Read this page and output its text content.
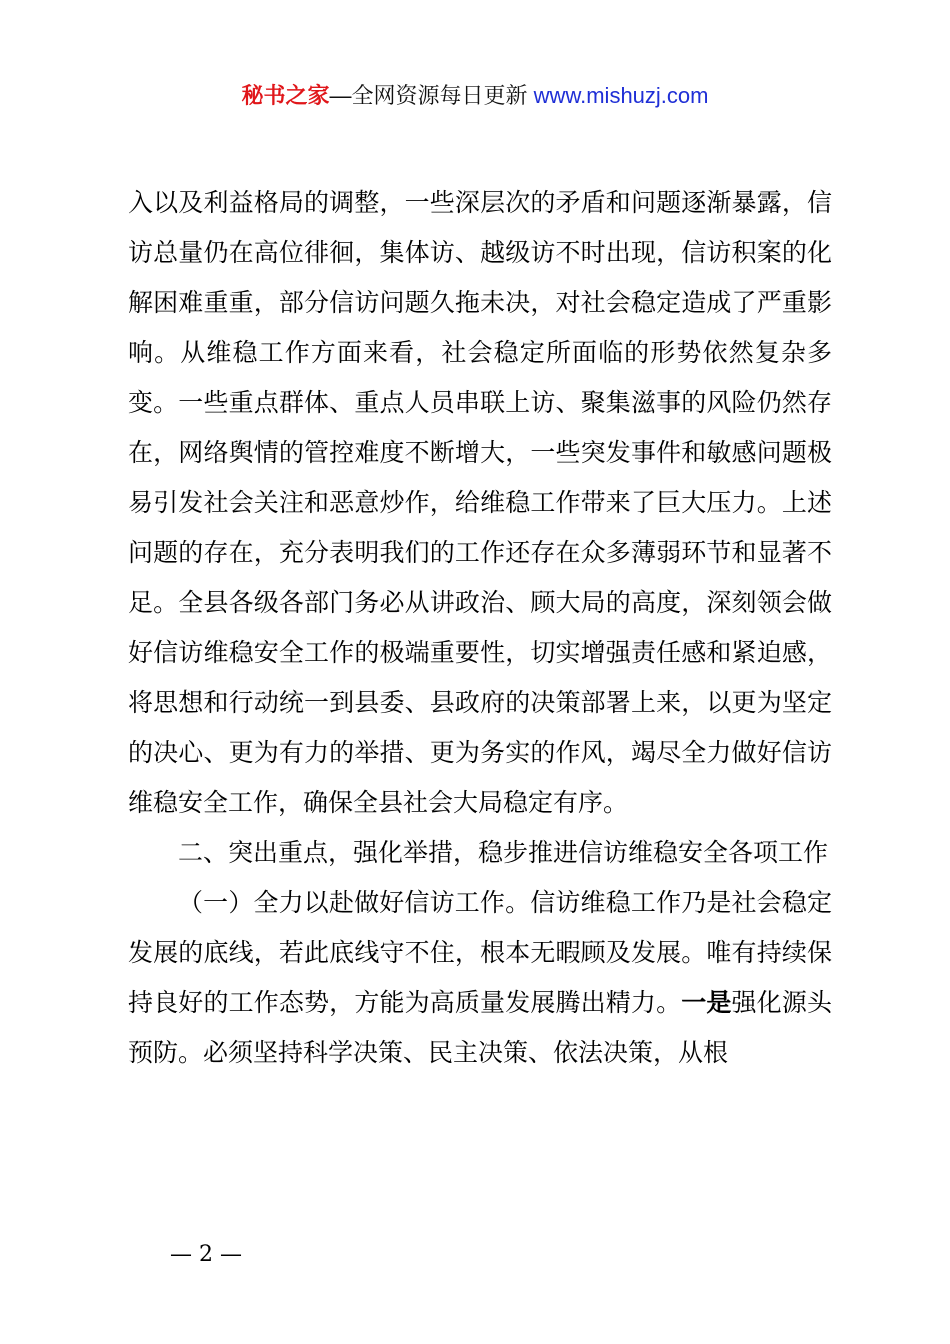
秘书之家—全网资源每日更新 www.mishuzj.com

入以及利益格局的调整，一些深层次的矛盾和问题逐渐暴露，信访总量仍在高位徘徊，集体访、越级访不时出现，信访积案的化解困难重重，部分信访问题久拖未决，对社会稳定造成了严重影响。从维稳工作方面来看，社会稳定所面临的形势依然复杂多变。一些重点群体、重点人员串联上访、聚集滋事的风险仍然存在，网络舆情的管控难度不断增大，一些突发事件和敏感问题极易引发社会关注和恶意炒作，给维稳工作带来了巨大压力。上述问题的存在，充分表明我们的工作还存在众多薄弱环节和显著不足。全县各级各部门务必从讲政治、顾大局的高度，深刻领会做好信访维稳安全工作的极端重要性，切实增强责任感和紧迫感，将思想和行动统一到县委、县政府的决策部署上来，以更为坚定的决心、更为有力的举措、更为务实的作风，竭尽全力做好信访维稳安全工作，确保全县社会大局稳定有序。

二、突出重点，强化举措，稳步推进信访维稳安全各项工作

（一）全力以赴做好信访工作。信访维稳工作乃是社会稳定发展的底线，若此底线守不住，根本无暇顾及发展。唯有持续保持良好的工作态势，方能为高质量发展腾出精力。一是强化源头预防。必须坚持科学决策、民主决策、依法决策，从根

— 2 —
